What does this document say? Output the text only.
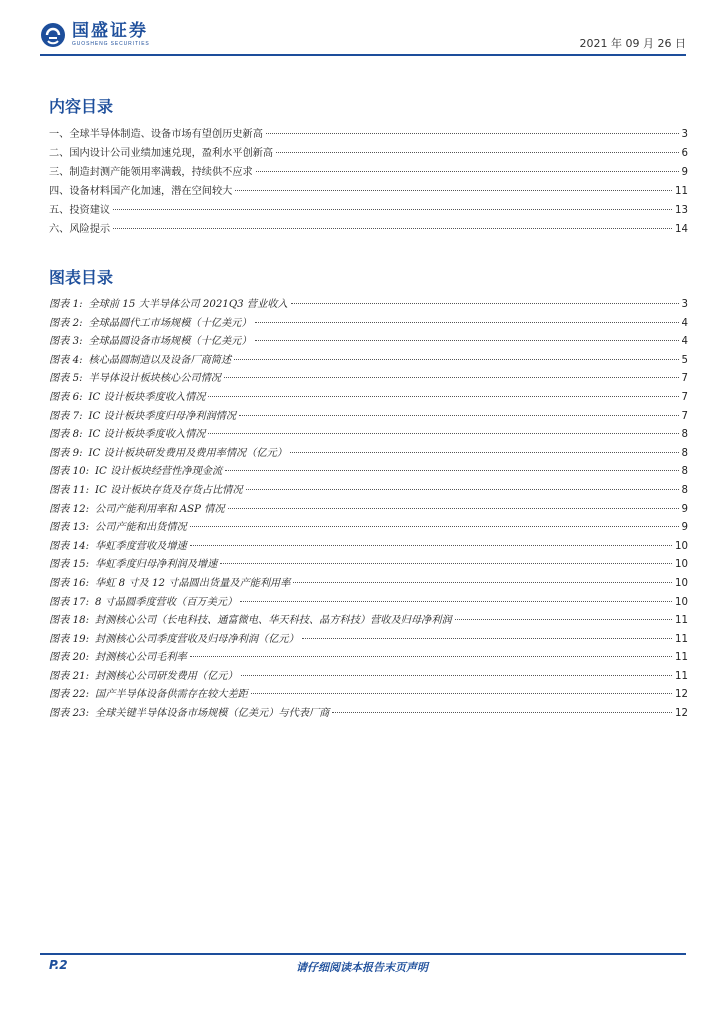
国盛证券
GUOSHENG SECURITIES	2021 年 09 月 26 日
内容目录
一、全球半导体制造、设备市场有望创历史新高	3
二、国内设计公司业绩加速兑现，盈利水平创新高	6
三、制造封测产能领用率满载，持续供不应求	9
四、设备材料国产化加速，潜在空间较大	11
五、投资建议	13
六、风险提示	14
图表目录
图表 1: 全球前 15 大半导体公司 2021Q3 营业收入	3
图表 2: 全球晶圆代工市场规模（十亿美元）	4
图表 3: 全球晶圆设备市场规模（十亿美元）	4
图表 4: 核心晶圆制造以及设备厂商简述	5
图表 5: 半导体设计板块核心公司情况	7
图表 6: IC 设计板块季度收入情况	7
图表 7: IC 设计板块季度归母净利润情况	7
图表 8: IC 设计板块季度收入情况	8
图表 9: IC 设计板块研发费用及费用率情况（亿元）	8
图表 10: IC 设计板块经营性净现金流	8
图表 11: IC 设计板块存货及存货占比情况	8
图表 12: 公司产能利用率和 ASP 情况	9
图表 13: 公司产能和出货情况	9
图表 14: 华虹季度营收及增速	10
图表 15: 华虹季度归母净利润及增速	10
图表 16: 华虹 8 寸及 12 寸晶圆出货量及产能利用率	10
图表 17: 8 寸晶圆季度营收（百万美元）	10
图表 18: 封测核心公司（长电科技、通富微电、华天科技、晶方科技）营收及归母净利润	11
图表 19: 封测核心公司季度营收及归母净利润（亿元）	11
图表 20: 封测核心公司毛利率	11
图表 21: 封测核心公司研发费用（亿元）	11
图表 22: 国产半导体设备供需存在较大差距	12
图表 23: 全球关键半导体设备市场规模（亿美元）与代表厂商	12
P.2	请仔细阅读本报告末页声明
